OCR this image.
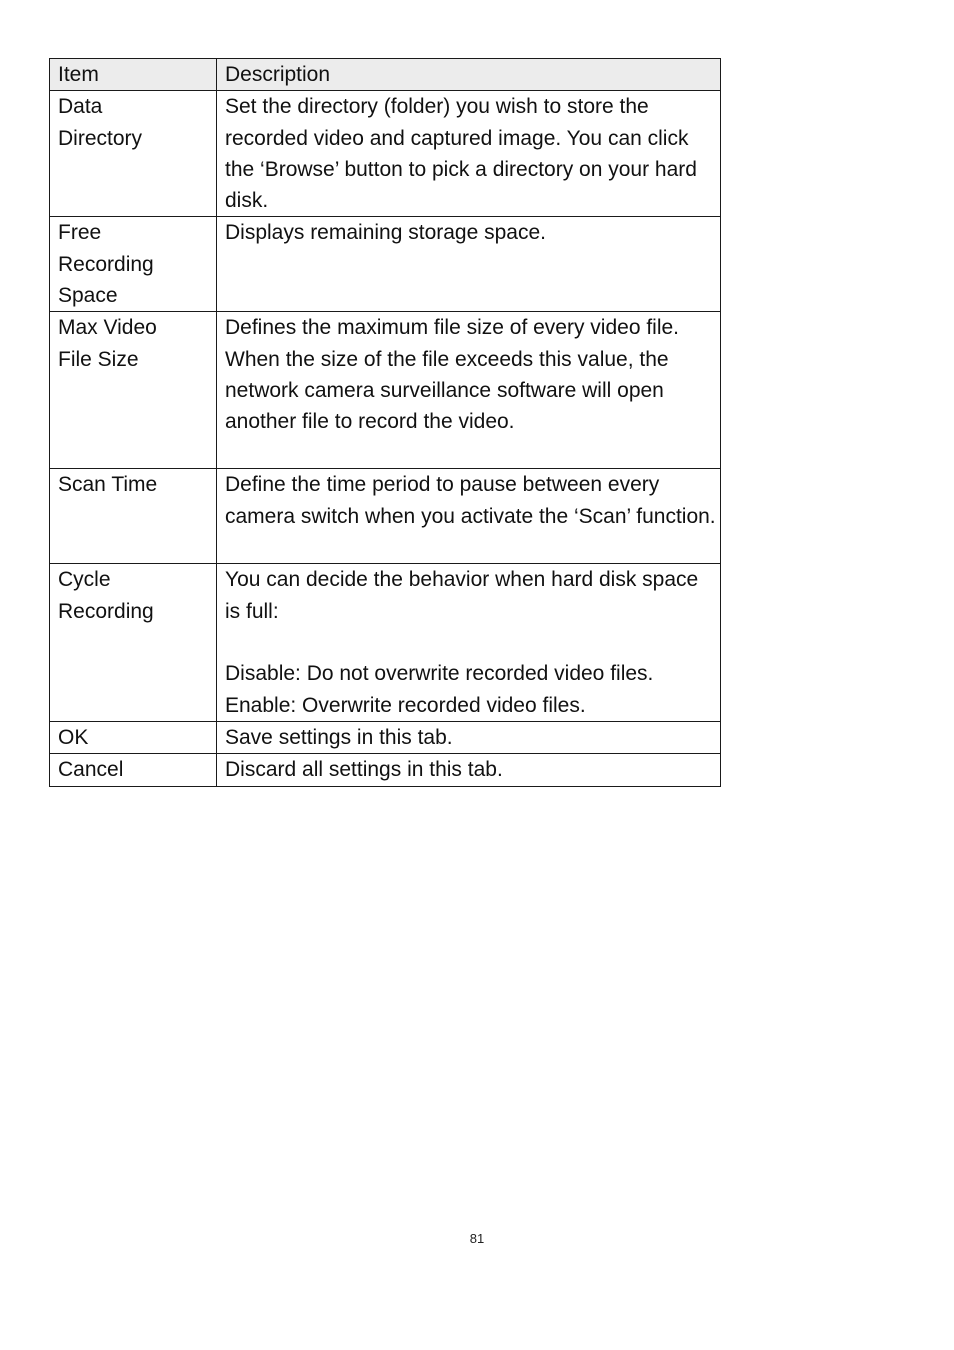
Item	Description
Data
Directory	Set the directory (folder) you wish to store the recorded video and captured image. You can click the ‘Browse’ button to pick a directory on your hard disk.
Free
Recording
Space	Displays remaining storage space.
Max Video
File Size	Defines the maximum file size of every video file. When the size of the file exceeds this value, the network camera surveillance software will open another file to record the video.
Scan Time	Define the time period to pause between every camera switch when you activate the ‘Scan’ function.
Cycle
Recording	You can decide the behavior when hard disk space is full:

Disable: Do not overwrite recorded video files.
Enable: Overwrite recorded video files.
OK	Save settings in this tab.
Cancel	Discard all settings in this tab.
81
